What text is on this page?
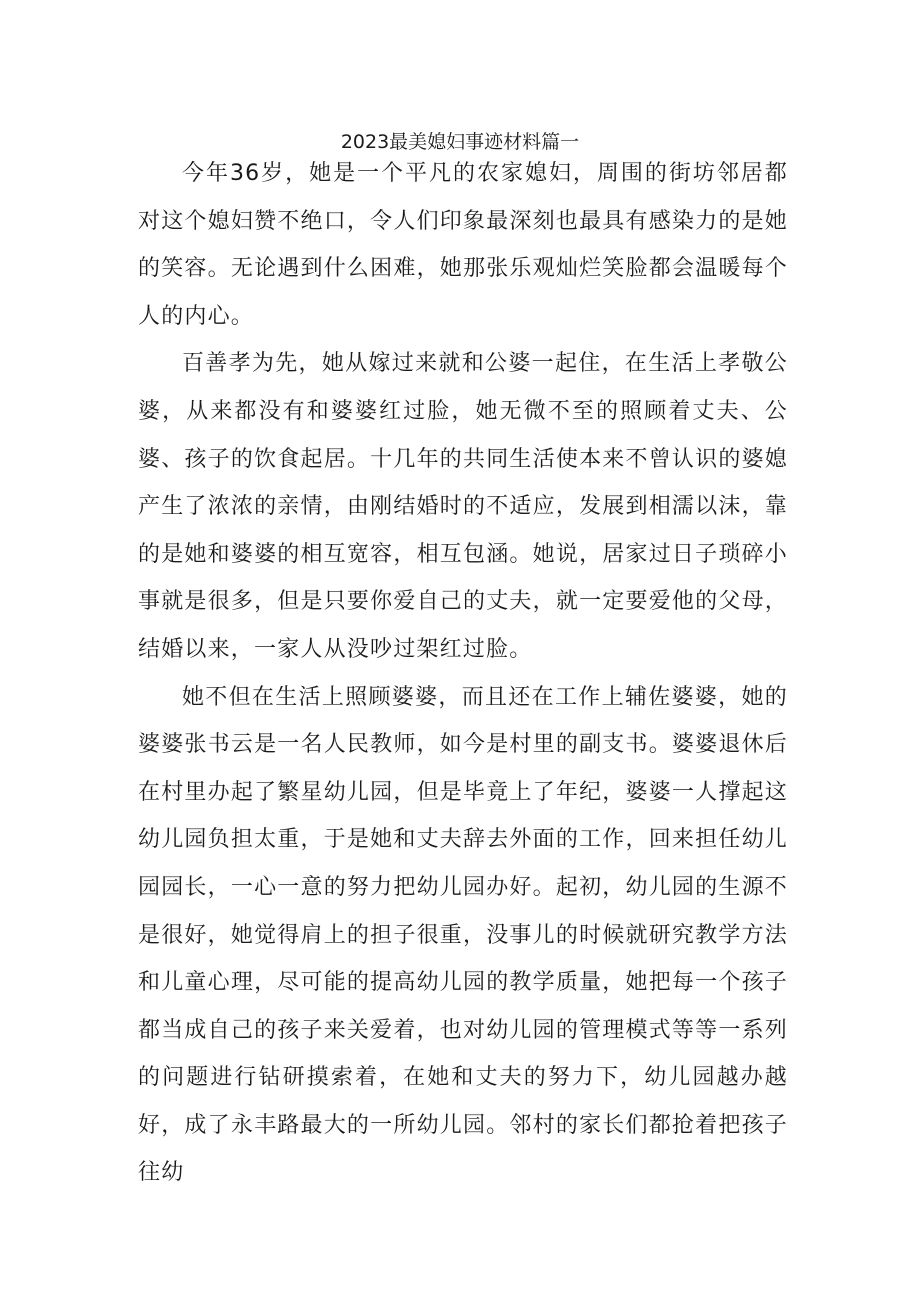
2023最美媳妇事迹材料篇一

今年36岁，她是一个平凡的农家媳妇，周围的街坊邻居都对这个媳妇赞不绝口，令人们印象最深刻也最具有感染力的是她的笑容。无论遇到什么困难，她那张乐观灿烂笑脸都会温暖每个人的内心。

百善孝为先，她从嫁过来就和公婆一起住，在生活上孝敬公婆，从来都没有和婆婆红过脸，她无微不至的照顾着丈夫、公婆、孩子的饮食起居。十几年的共同生活使本来不曾认识的婆媳产生了浓浓的亲情，由刚结婚时的不适应，发展到相濡以沫，靠的是她和婆婆的相互宽容，相互包涵。她说，居家过日子琐碎小事就是很多，但是只要你爱自己的丈夫，就一定要爱他的父母，结婚以来，一家人从没吵过架红过脸。

她不但在生活上照顾婆婆，而且还在工作上辅佐婆婆，她的婆婆张书云是一名人民教师，如今是村里的副支书。婆婆退休后在村里办起了繁星幼儿园，但是毕竟上了年纪，婆婆一人撑起这幼儿园负担太重，于是她和丈夫辞去外面的工作，回来担任幼儿园园长，一心一意的努力把幼儿园办好。起初，幼儿园的生源不是很好，她觉得肩上的担子很重，没事儿的时候就研究教学方法和儿童心理，尽可能的提高幼儿园的教学质量，她把每一个孩子都当成自己的孩子来关爱着，也对幼儿园的管理模式等等一系列的问题进行钻研摸索着，在她和丈夫的努力下，幼儿园越办越好，成了永丰路最大的一所幼儿园。邻村的家长们都抢着把孩子往幼
